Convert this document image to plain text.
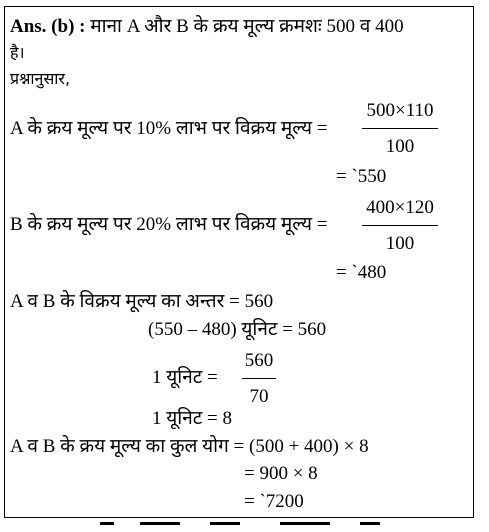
Ans. (b) : माना A और B के क्रय मूल्य क्रमशः 500 व 400
है।
प्रश्नानुसार,
A के क्रय मूल्य पर 10% लाभ पर विक्रय मूल्य =
500×110
100
= `550
B के क्रय मूल्य पर 20% लाभ पर विक्रय मूल्य =
400×120
100
= `480
A व B के विक्रय मूल्य का अन्तर = 560
(550 – 480) यूनिट = 560
1 यूनिट =
560
70
1 यूनिट = 8
A व B के क्रय मूल्य का कुल योग = (500 + 400) × 8
= 900 × 8
= `7200
